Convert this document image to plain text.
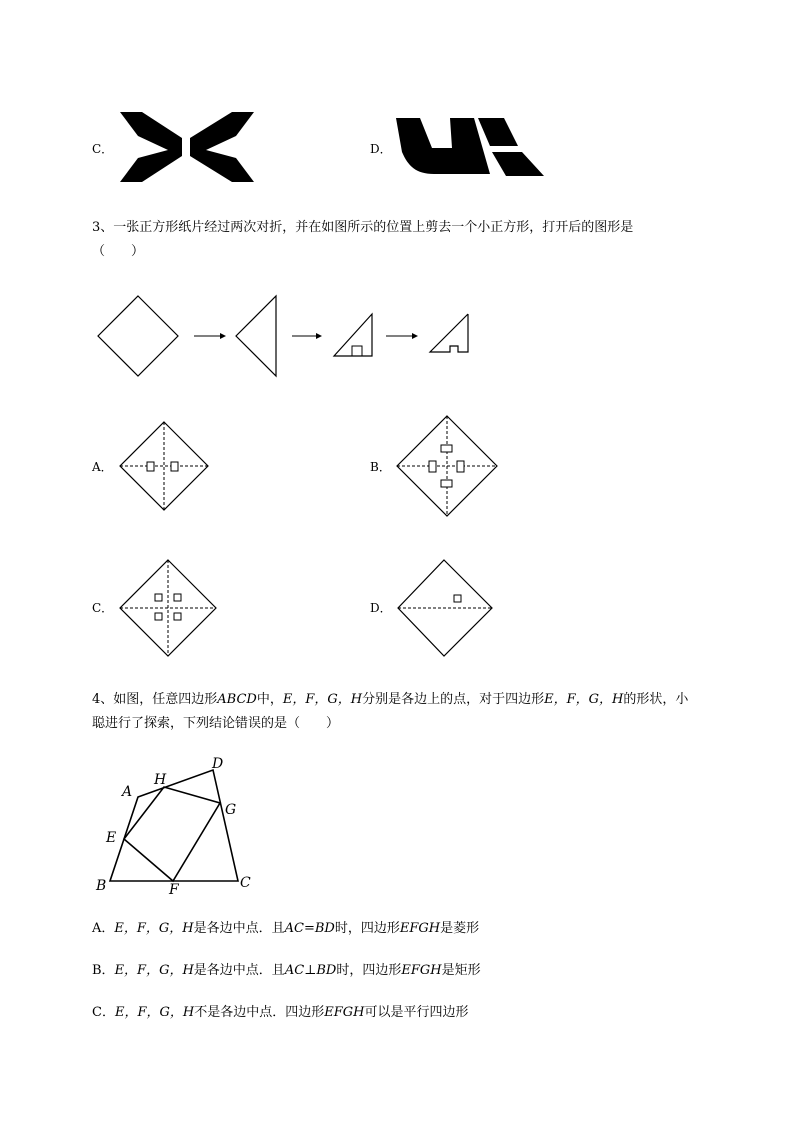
C．	D．
3、一张正方形纸片经过两次对折，并在如图所示的位置上剪去一个小正方形，打开后的图形是
（　　）
A．	B．
C．	D．
4、如图，任意四边形ABCD中，E，F，G，H分别是各边上的点，对于四边形E，F，G，H的形状，小
聪进行了探索，下列结论错误的是（　　）
A
B	C
D
E
F
G
H
A．E，F，G，H是各边中点．且AC=BD时，四边形EFGH是菱形
B．E，F，G，H是各边中点．且AC⊥BD时，四边形EFGH是矩形
C．E，F，G，H不是各边中点．四边形EFGH可以是平行四边形
